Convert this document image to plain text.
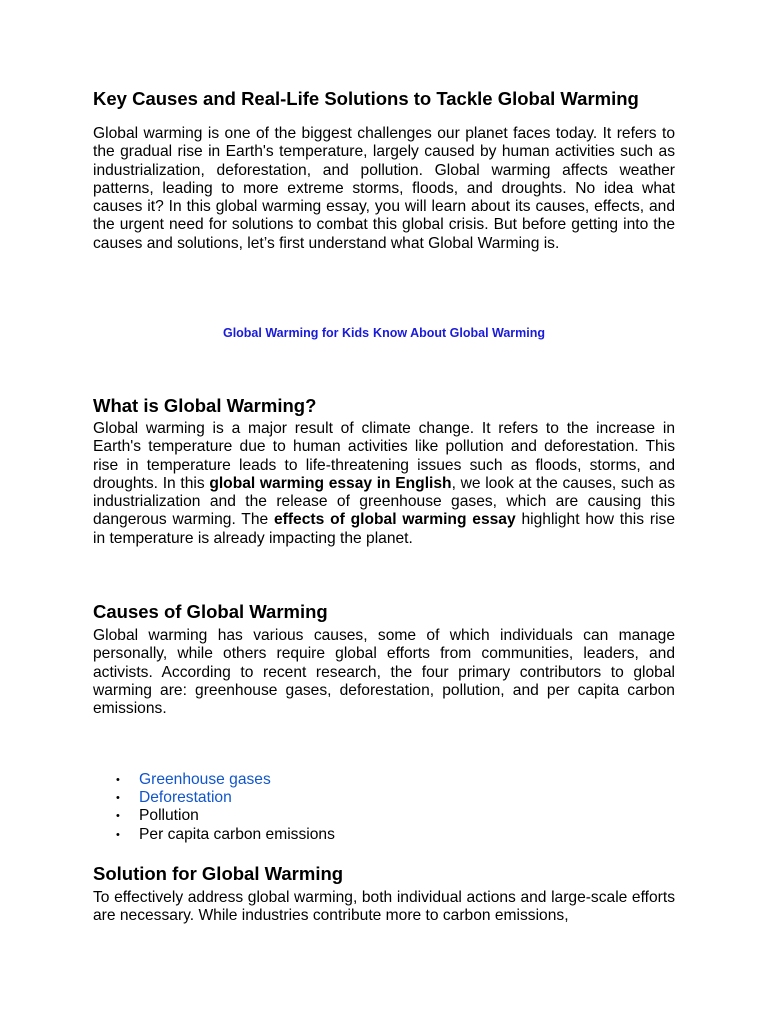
Key Causes and Real-Life Solutions to Tackle Global Warming

Global warming is one of the biggest challenges our planet faces today. It refers to the gradual rise in Earth's temperature, largely caused by human activities such as industrialization, deforestation, and pollution. Global warming affects weather patterns, leading to more extreme storms, floods, and droughts. No idea what causes it? In this global warming essay, you will learn about its causes, effects, and the urgent need for solutions to combat this global crisis. But before getting into the causes and solutions, let’s first understand what Global Warming is.

Global Warming for Kids Know About Global Warming
What is Global Warming?

Global warming is a major result of climate change. It refers to the increase in Earth's temperature due to human activities like pollution and deforestation. This rise in temperature leads to life-threatening issues such as floods, storms, and droughts. In this global warming essay in English, we look at the causes, such as industrialization and the release of greenhouse gases, which are causing this dangerous warming. The effects of global warming essay highlight how this rise in temperature is already impacting the planet.

Causes of Global Warming

Global warming has various causes, some of which individuals can manage personally, while others require global efforts from communities, leaders, and activists. According to recent research, the four primary contributors to global warming are: greenhouse gases, deforestation, pollution, and per capita carbon emissions.

• Greenhouse gases
• Deforestation
• Pollution
• Per capita carbon emissions
Solution for Global Warming

To effectively address global warming, both individual actions and large-scale efforts are necessary. While industries contribute more to carbon emissions,
